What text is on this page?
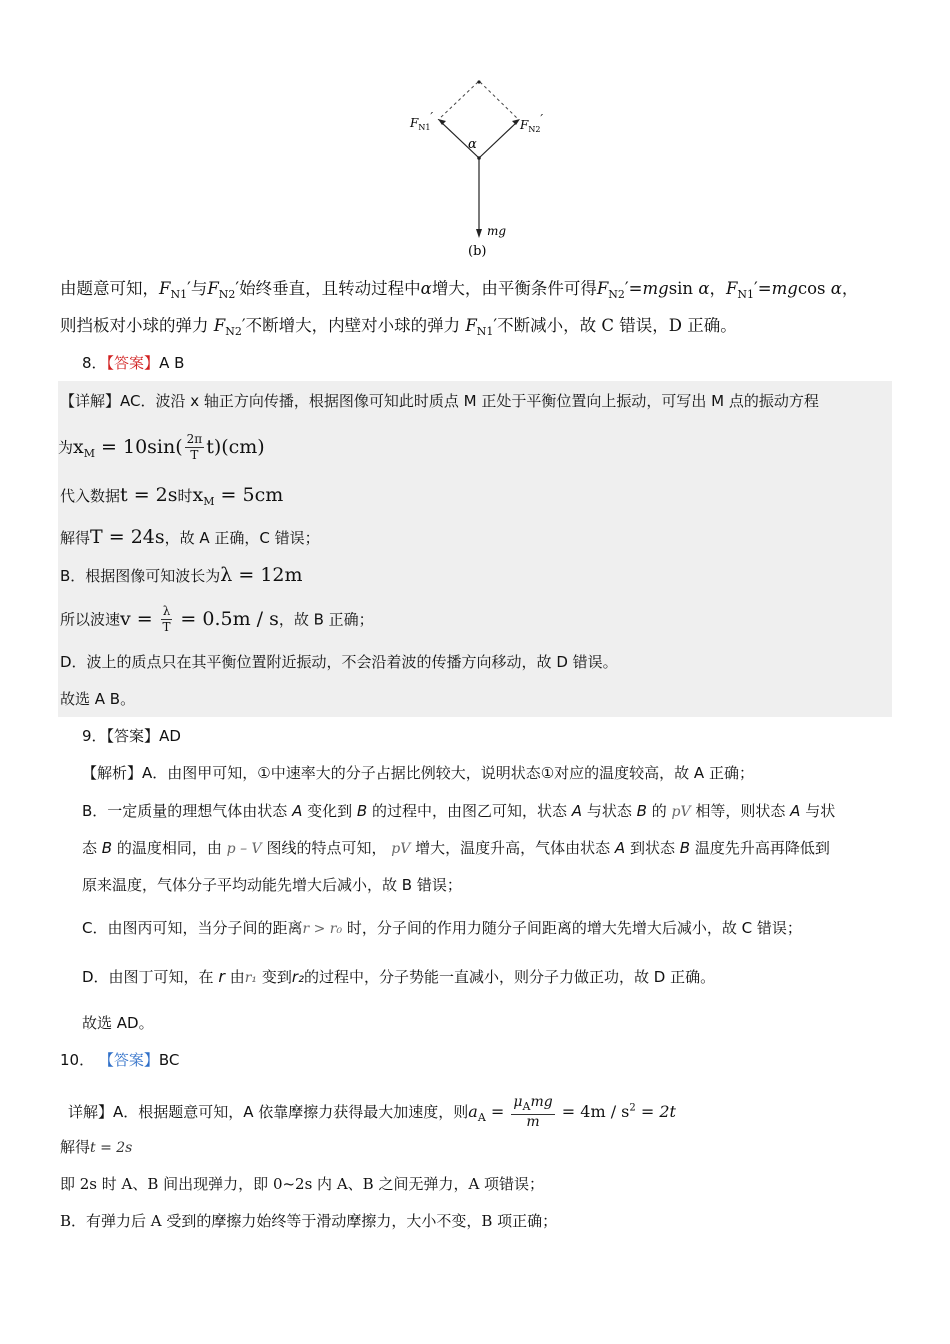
$F_{N1}'$
$F_{N2}'$
α
mg
(b)
由题意可知，$F_{N1}'$与$F_{N2}'$始终垂直，且转动过程中α增大，由平衡条件可得$F_{N2}'=mgsin$ α，$F_{N1}'=mgcos$ α，
则挡板对小球的弹力 $F_{N2}'$不断增大，内壁对小球的弹力 $F_{N1}'$不断减小，故 C 错误，D 正确。
8．【答案】A B
【详解】AC．波沿 x 轴正方向传播，根据图像可知此时质点 M 正处于平衡位置向上振动，可写出 M 点的振动方程
为$x_M = 10\sin( \frac{2\pi}{T} t)(cm)$
代入数据t = 2s时$x_M = 5cm$
解得T = 24s，故 A 正确，C 错误；
B．根据图像可知波长为λ = 12m
所以波速$v = \frac{\lambda}{T} = 0.5m / s$，故 B 正确；
D．波上的质点只在其平衡位置附近振动，不会沿着波的传播方向移动，故 D 错误。
故选 A B。
9．【答案】AD
【解析】A．由图甲可知，①中速率大的分子占据比例较大，说明状态①对应的温度较高，故 A 正确；
B．一定质量的理想气体由状态 A 变化到 B 的过程中，由图乙可知，状态 A 与状态 B 的 pV 相等，则状态 A 与状
态 B 的温度相同，由 p – V 图线的特点可知， pV 增大，温度升高，气体由状态 A 到状态 B 温度先升高再降低到
原来温度，气体分子平均动能先增大后减小，故 B 错误；
C．由图丙可知，当分子间的距离r > r₀ 时，分子间的作用力随分子间距离的增大先增大后减小，故 C 错误；
D．由图丁可知，在 r 由r₁ 变到r₂的过程中，分子势能一直减小，则分子力做正功，故 D 正确。
故选 AD。
10． 【答案】BC
详解】A．根据题意可知，A 依靠摩擦力获得最大加速度，则$a_A = \frac{\mu_Amg}{m} = 4m / s^2 = 2t$
解得t = 2s
即 2s 时 A、B 间出现弹力，即 0~2s 内 A、B 之间无弹力，A 项错误；
B．有弹力后 A 受到的摩擦力始终等于滑动摩擦力，大小不变，B 项正确；
